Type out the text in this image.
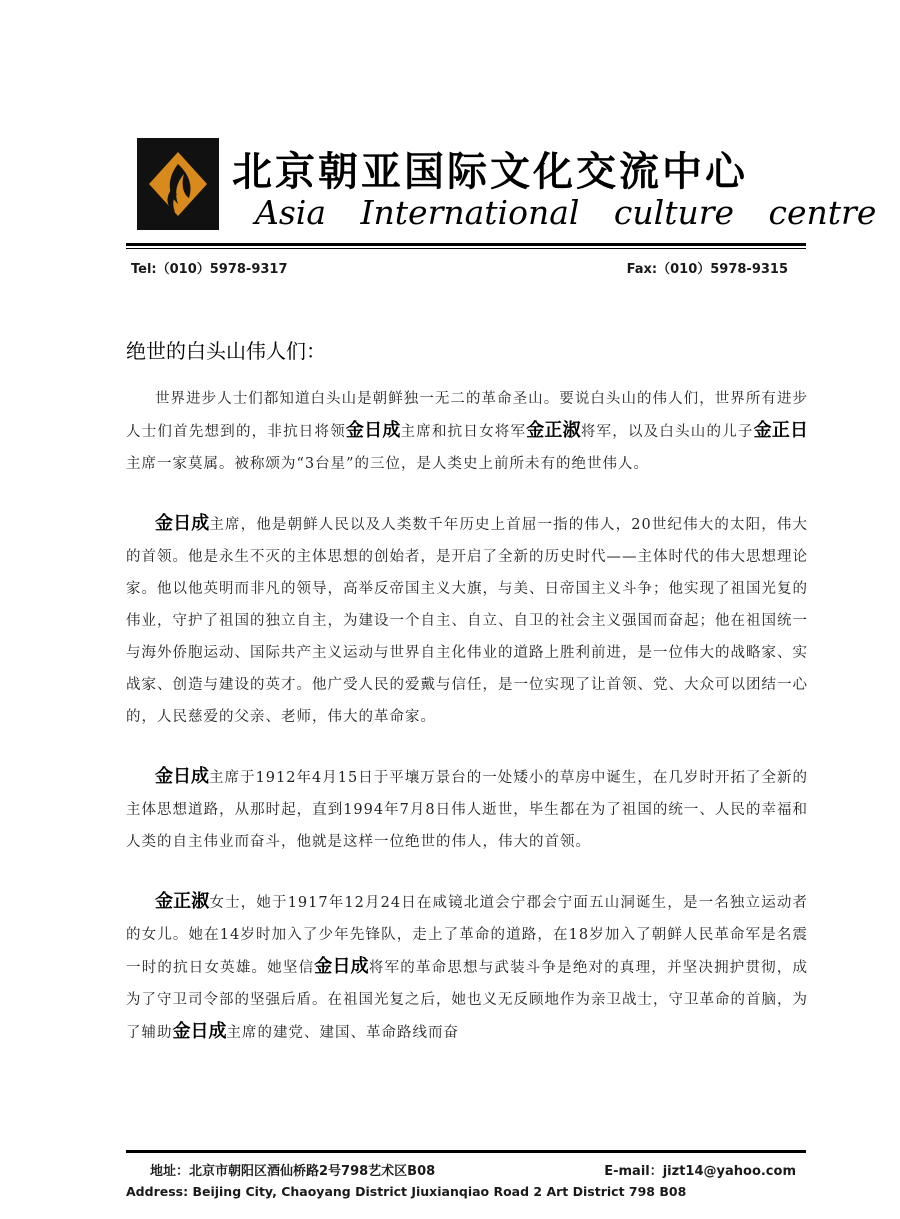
北京朝亚国际文化交流中心
Asia International culture centre
Tel:（010）5978-9317	Fax:（010）5978-9315
绝世的白头山伟人们：

世界进步人士们都知道白头山是朝鲜独一无二的革命圣山。要说白头山的伟人们，世界所有进步人士们首先想到的，非抗日将领金日成主席和抗日女将军金正淑将军，以及白头山的儿子金正日主席一家莫属。被称颂为“3台星”的三位，是人类史上前所未有的绝世伟人。

金日成主席，他是朝鲜人民以及人类数千年历史上首屈一指的伟人，20世纪伟大的太阳，伟大的首领。他是永生不灭的主体思想的创始者，是开启了全新的历史时代——主体时代的伟大思想理论家。他以他英明而非凡的领导，高举反帝国主义大旗，与美、日帝国主义斗争；他实现了祖国光复的伟业，守护了祖国的独立自主，为建设一个自主、自立、自卫的社会主义强国而奋起；他在祖国统一与海外侨胞运动、国际共产主义运动与世界自主化伟业的道路上胜利前进，是一位伟大的战略家、实战家、创造与建设的英才。他广受人民的爱戴与信任，是一位实现了让首领、党、大众可以团结一心的，人民慈爱的父亲、老师，伟大的革命家。

金日成主席于1912年4月15日于平壤万景台的一处矮小的草房中诞生，在几岁时开拓了全新的主体思想道路，从那时起，直到1994年7月8日伟人逝世，毕生都在为了祖国的统一、人民的幸福和人类的自主伟业而奋斗，他就是这样一位绝世的伟人，伟大的首领。

金正淑女士，她于1917年12月24日在咸镜北道会宁郡会宁面五山洞诞生，是一名独立运动者的女儿。她在14岁时加入了少年先锋队，走上了革命的道路，在18岁加入了朝鲜人民革命军是名震一时的抗日女英雄。她坚信金日成将军的革命思想与武装斗争是绝对的真理，并坚决拥护贯彻，成为了守卫司令部的坚强后盾。在祖国光复之后，她也义无反顾地作为亲卫战士，守卫革命的首脑，为了辅助金日成主席的建党、建国、革命路线而奋

地址：北京市朝阳区酒仙桥路2号798艺术区B08	E-mail：jizt14@yahoo.com
Address: Beijing City, Chaoyang District Jiuxianqiao Road 2 Art District 798 B08
